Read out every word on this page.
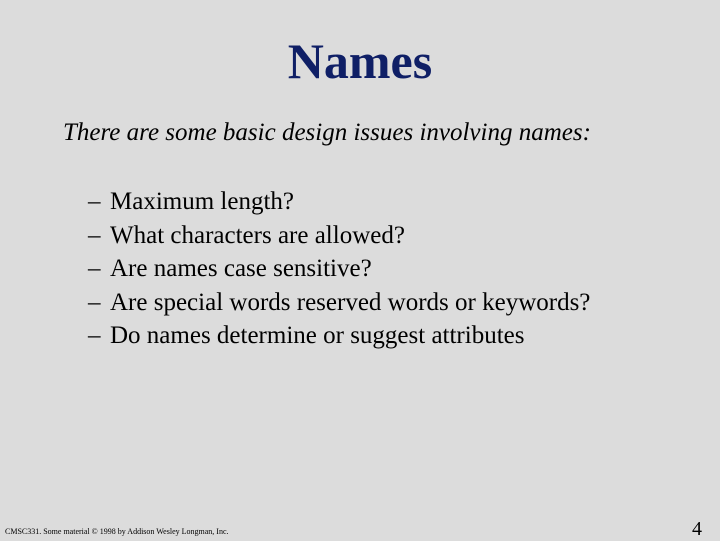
Names

There are some basic design issues involving names:

– Maximum length?
– What characters are allowed?
– Are names case sensitive?
– Are special words reserved words or keywords?
– Do names determine or suggest attributes
CMSC331. Some material © 1998 by Addison Wesley Longman, Inc.	4
